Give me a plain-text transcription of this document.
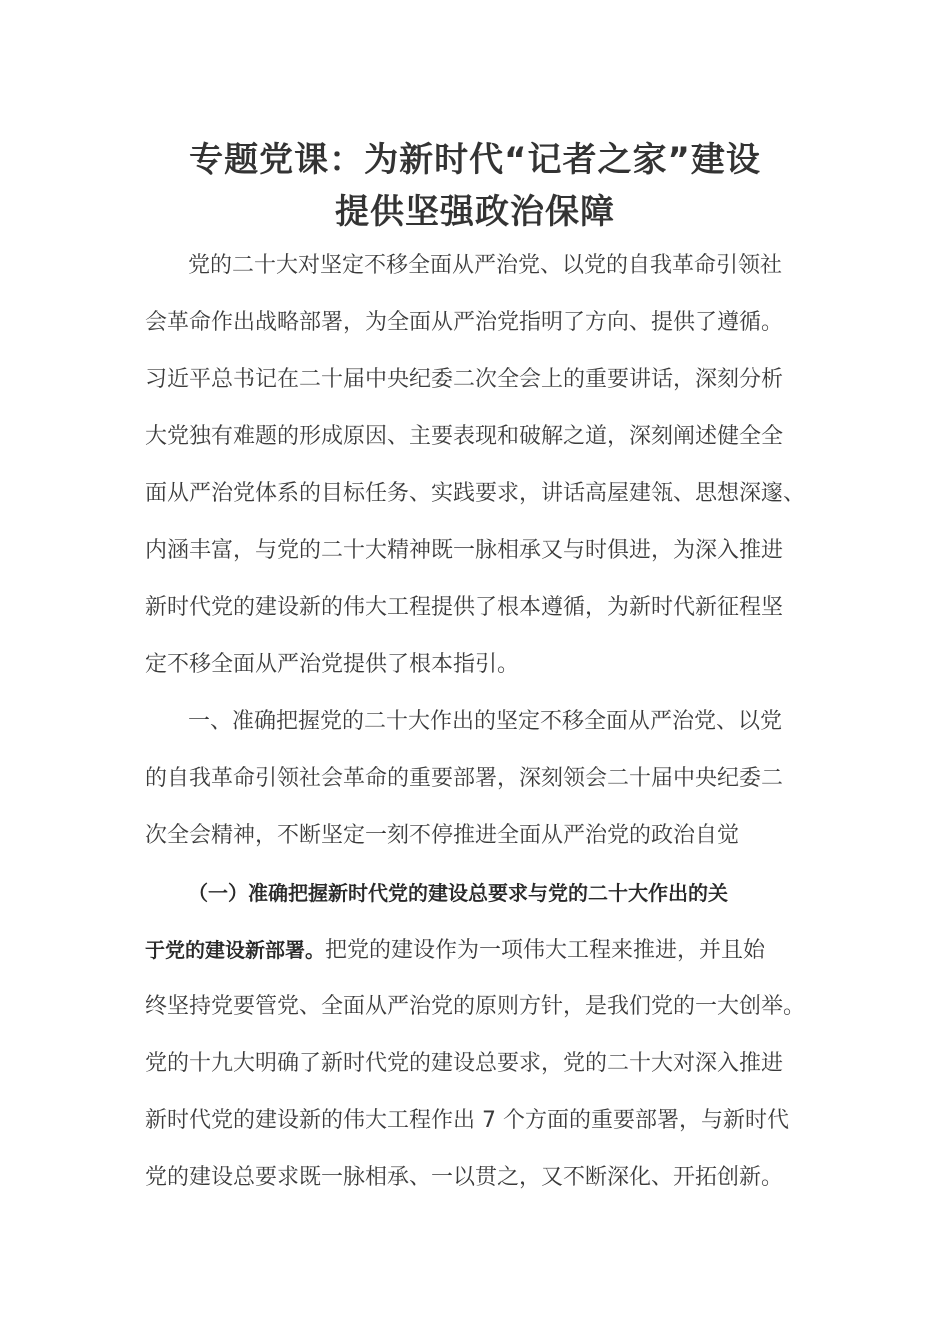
专题党课：为新时代“记者之家”建设
提供坚强政治保障
党的二十大对坚定不移全面从严治党、以党的自我革命引领社
会革命作出战略部署，为全面从严治党指明了方向、提供了遵循。
习近平总书记在二十届中央纪委二次全会上的重要讲话，深刻分析
大党独有难题的形成原因、主要表现和破解之道，深刻阐述健全全
面从严治党体系的目标任务、实践要求，讲话高屋建瓴、思想深邃、
内涵丰富，与党的二十大精神既一脉相承又与时俱进，为深入推进
新时代党的建设新的伟大工程提供了根本遵循，为新时代新征程坚
定不移全面从严治党提供了根本指引。
一、准确把握党的二十大作出的坚定不移全面从严治党、以党
的自我革命引领社会革命的重要部署，深刻领会二十届中央纪委二
次全会精神，不断坚定一刻不停推进全面从严治党的政治自觉
（一）准确把握新时代党的建设总要求与党的二十大作出的关
于党的建设新部署。把党的建设作为一项伟大工程来推进，并且始
终坚持党要管党、全面从严治党的原则方针，是我们党的一大创举。
党的十九大明确了新时代党的建设总要求，党的二十大对深入推进
新时代党的建设新的伟大工程作出 7 个方面的重要部署，与新时代
党的建设总要求既一脉相承、一以贯之，又不断深化、开拓创新。
